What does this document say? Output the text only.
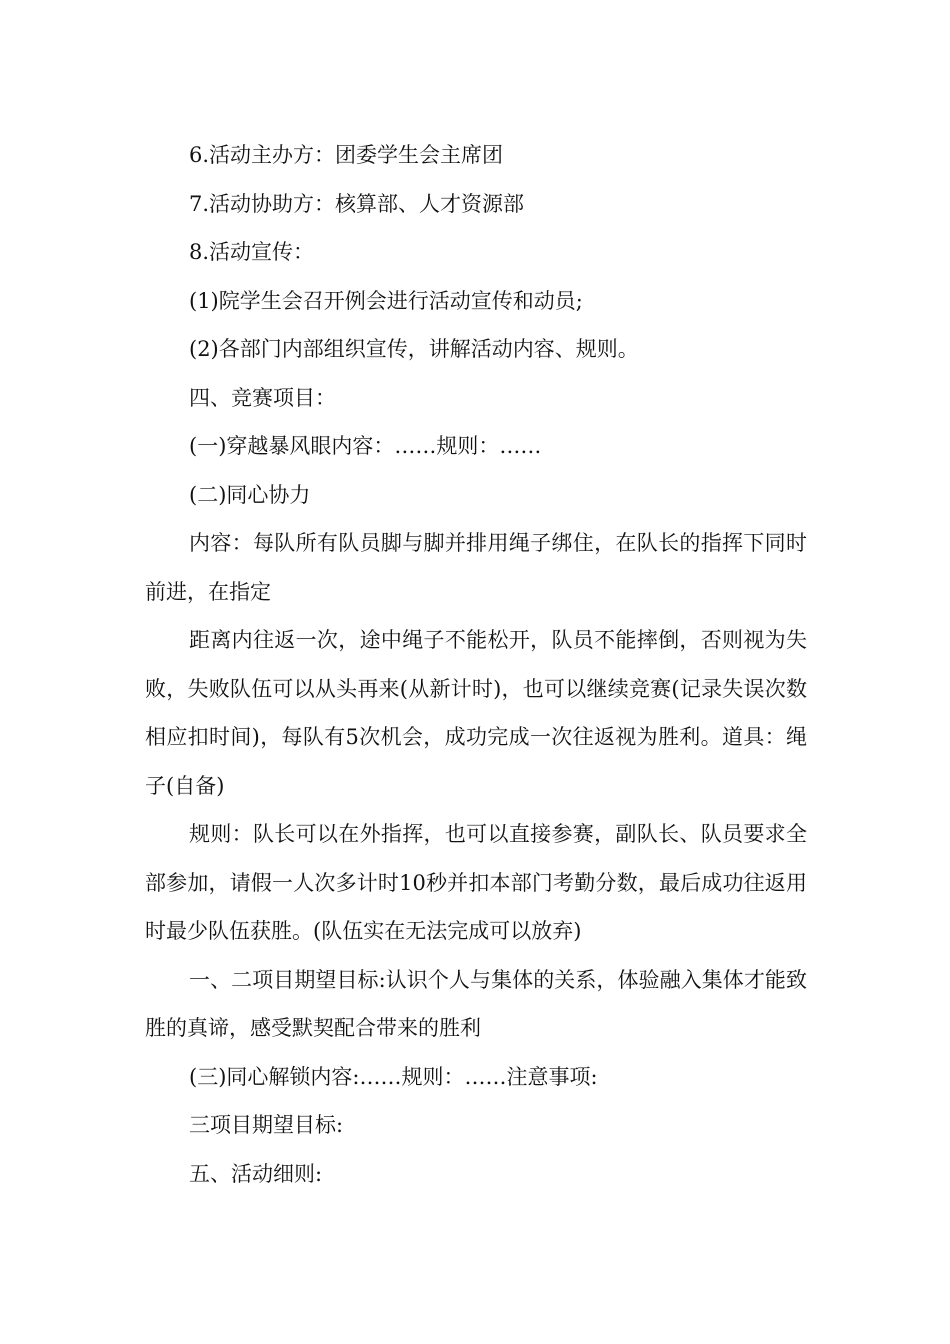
6.活动主办方：团委学生会主席团

7.活动协助方：核算部、人才资源部

8.活动宣传：

(1)院学生会召开例会进行活动宣传和动员;

(2)各部门内部组织宣传，讲解活动内容、规则。

四、竞赛项目：

(一)穿越暴风眼内容：……规则：……

(二)同心协力

内容：每队所有队员脚与脚并排用绳子绑住，在队长的指挥下同时前进，在指定

距离内往返一次，途中绳子不能松开，队员不能摔倒，否则视为失败，失败队伍可以从头再来(从新计时)，也可以继续竞赛(记录失误次数相应扣时间)，每队有5次机会，成功完成一次往返视为胜利。道具：绳子(自备)

规则：队长可以在外指挥，也可以直接参赛，副队长、队员要求全部参加，请假一人次多计时10秒并扣本部门考勤分数，最后成功往返用时最少队伍获胜。(队伍实在无法完成可以放弃)

一、二项目期望目标:认识个人与集体的关系，体验融入集体才能致胜的真谛，感受默契配合带来的胜利

(三)同心解锁内容:……规则：……注意事项:

三项目期望目标:

五、活动细则:
